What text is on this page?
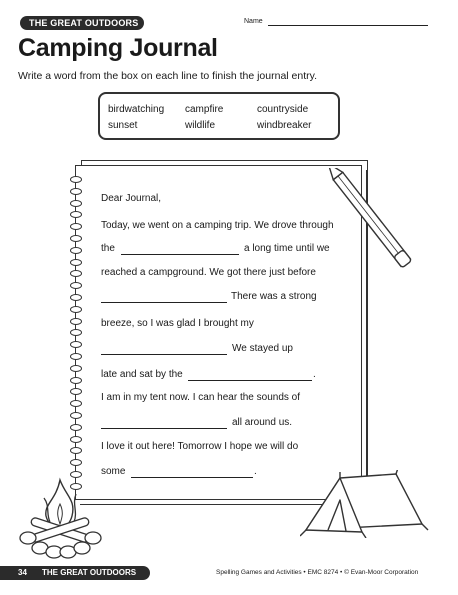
THE GREAT OUTDOORS	Name
Camping Journal
Write a word from the box on each line to finish the journal entry.
birdwatching campfire	countryside
sunset	wildlife	windbreaker
Dear Journal,
Today, we went on a camping trip. We drove through
the	a long time until we
reached a campground. We got there just before
There was a strong
breeze, so I was glad I brought my
We stayed up
late and sat by the	.
I am in my tent now. I can hear the sounds of
all around us.
I love it out here! Tomorrow I hope we will do
some	.
34 THE GREAT OUTDOORS	Spelling Games and Activities • EMC 8274 • © Evan-Moor Corporation
